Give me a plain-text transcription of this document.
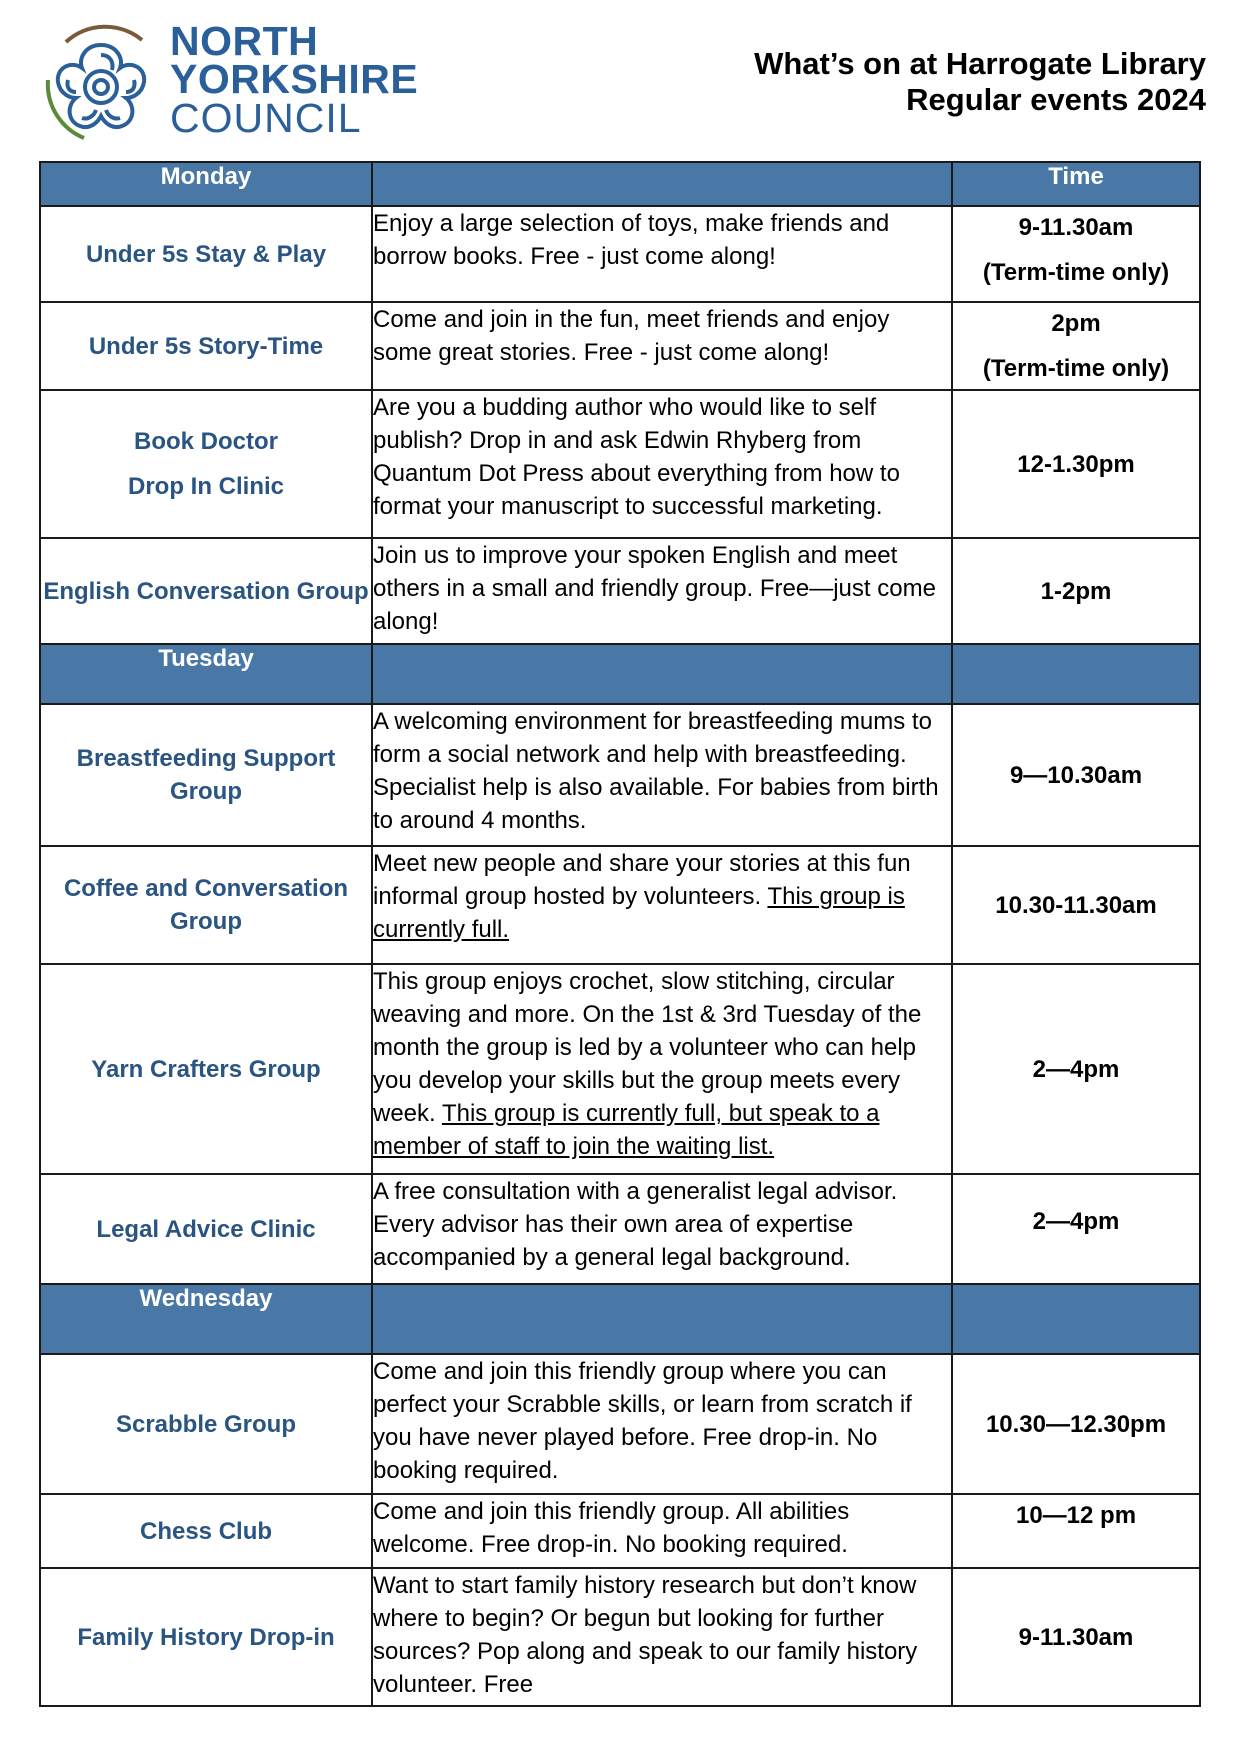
NORTH
YORKSHIRE
COUNCIL
What’s on at Harrogate Library
Regular events 2024
Monday		Time
Under 5s Stay & Play	Enjoy a large selection of toys, make friends and borrow books. Free - just come along!	9-11.30am
(Term-time only)

Under 5s Story-Time	Come and join in the fun, meet friends and enjoy some great stories. Free - just come along!	2pm
(Term-time only)

Book Doctor
Drop In Clinic	Are you a budding author who would like to self publish? Drop in and ask Edwin Rhyberg from Quantum Dot Press about everything from how to format your manuscript to successful marketing.	12-1.30pm
English Conversation Group	Join us to improve your spoken English and meet others in a small and friendly group. Free—just come along!	1-2pm
Tuesday		
Breastfeeding Support Group	A welcoming environment for breastfeeding mums to form a social network and help with breastfeeding. Specialist help is also available. For babies from birth to around 4 months.	9—10.30am
Coffee and Conversation Group	Meet new people and share your stories at this fun informal group hosted by volunteers. This group is currently full.	10.30-11.30am
Yarn Crafters Group	This group enjoys crochet, slow stitching, circular weaving and more. On the 1st & 3rd Tuesday of the month the group is led by a volunteer who can help you develop your skills but the group meets every week. This group is currently full, but speak to a member of staff to join the waiting list.	2—4pm
Legal Advice Clinic	A free consultation with a generalist legal advisor. Every advisor has their own area of expertise accompanied by a general legal background.	2—4pm
Wednesday		
Scrabble Group	Come and join this friendly group where you can perfect your Scrabble skills, or learn from scratch if you have never played before. Free drop-in. No booking required.	10.30—12.30pm
Chess Club	Come and join this friendly group. All abilities welcome. Free drop-in. No booking required.	10—12 pm
Family History Drop-in	Want to start family history research but don’t know where to begin? Or begun but looking for further sources? Pop along and speak to our family history volunteer. Free	9-11.30am
